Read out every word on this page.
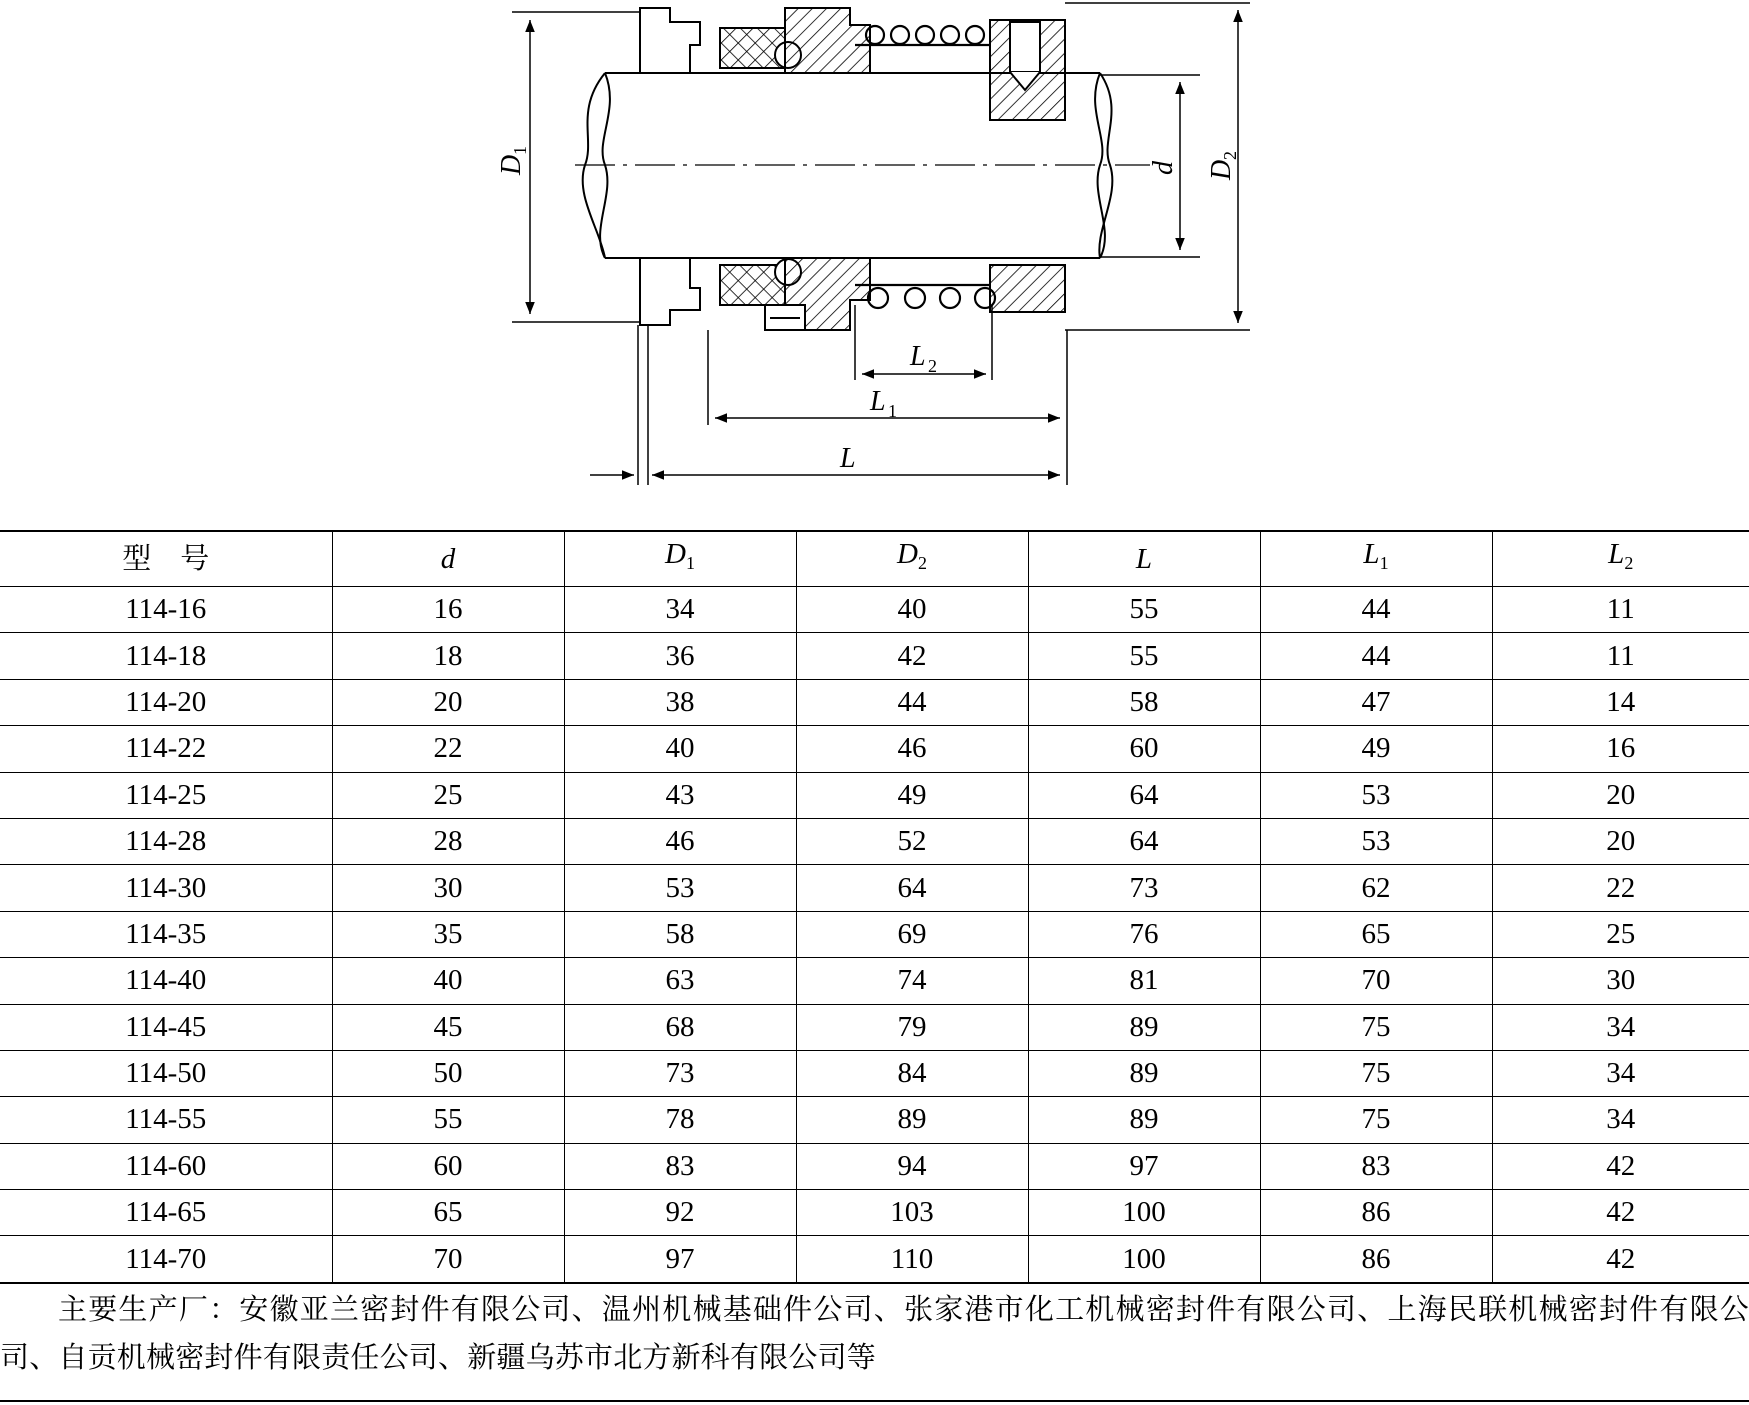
D
1
d D
2
L 2
L 1
L
型　号	d	$D_1$	$D_2$	L	$L_1$	$L_2$
114-16	16	34	40	55	44	11
114-18	18	36	42	55	44	11
114-20	20	38	44	58	47	14
114-22	22	40	46	60	49	16
114-25	25	43	49	64	53	20
114-28	28	46	52	64	53	20
114-30	30	53	64	73	62	22
114-35	35	58	69	76	65	25
114-40	40	63	74	81	70	30
114-45	45	68	79	89	75	34
114-50	50	73	84	89	75	34
114-55	55	78	89	89	75	34
114-60	60	83	94	97	83	42
114-65	65	92	103	100	86	42
114-70	70	97	110	100	86	42

主要生产厂：安徽亚兰密封件有限公司、温州机械基础件公司、张家港市化工机械密封件有限公司、上海民联机械密封件有限公司、自贡机械密封件有限责任公司、新疆乌苏市北方新科有限公司等
